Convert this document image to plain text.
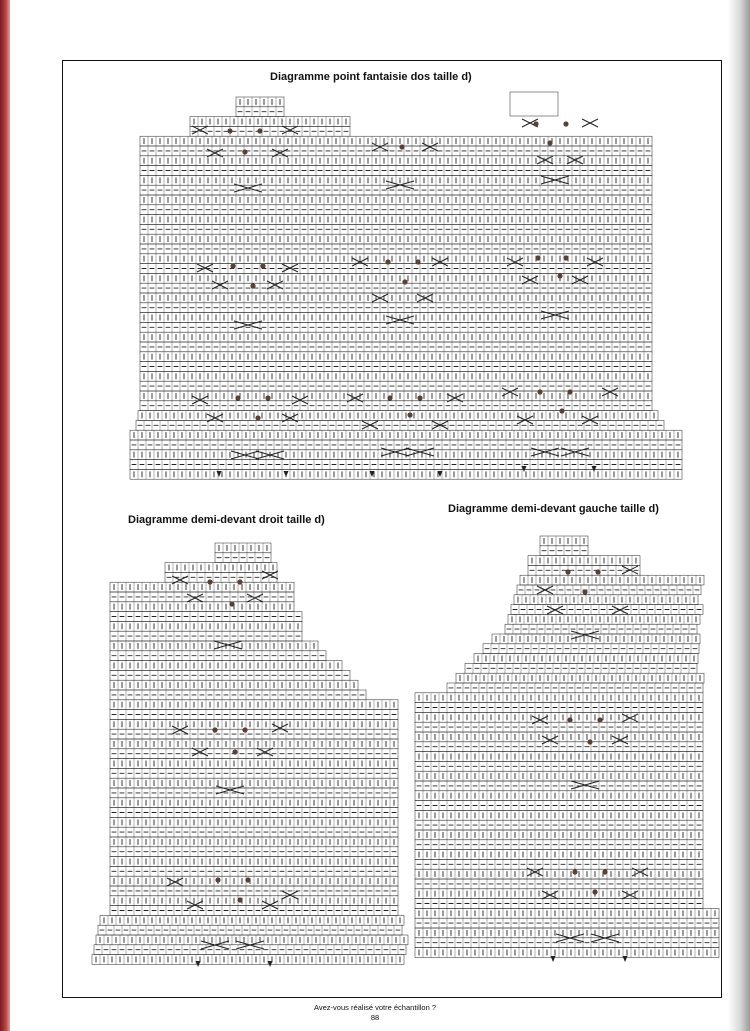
Diagramme point fantaisie dos taille d)
Diagramme demi-devant droit taille d)
Diagramme demi-devant gauche taille d)
Avez-vous réalisé votre échantillon ?
88
